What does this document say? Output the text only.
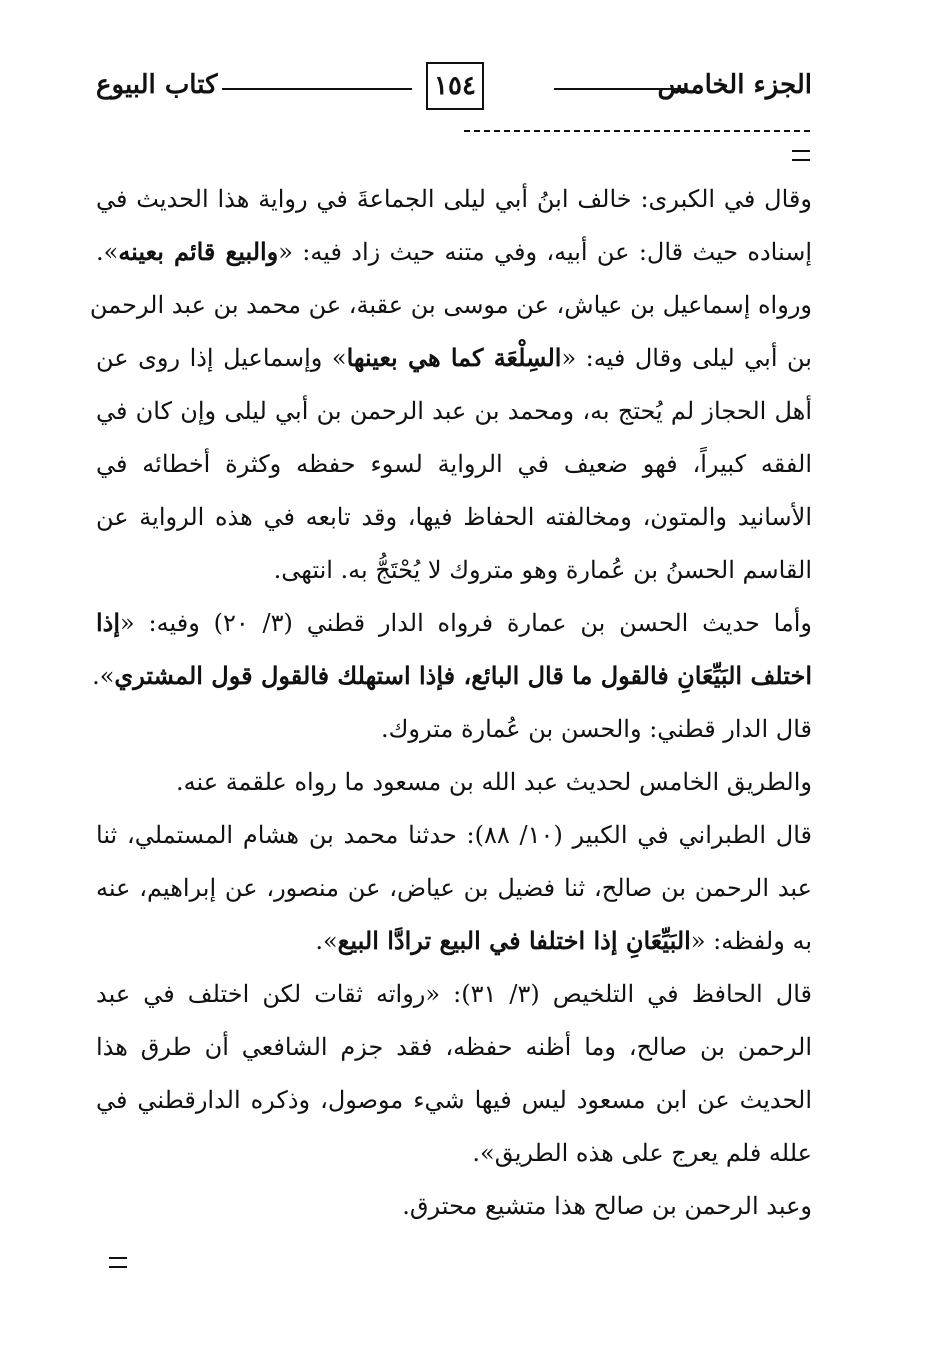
الجزء الخامس
١٥٤
كتاب البيوع
وقال في الكبرى: خالف ابنُ أبي ليلى الجماعةَ في رواية هذا الحديث في
إسناده حيث قال: عن أبيه، وفي متنه حيث زاد فيه: «والبيع قائم بعينه».
ورواه إسماعيل بن عياش، عن موسى بن عقبة، عن محمد بن عبد الرحمن
بن أبي ليلى وقال فيه: «السِلْعَة كما هي بعينها» وإسماعيل إذا روى عن
أهل الحجاز لم يُحتج به، ومحمد بن عبد الرحمن بن أبي ليلى وإن كان في
الفقه كبيراً، فهو ضعيف في الرواية لسوء حفظه وكثرة أخطائه في
الأسانيد والمتون، ومخالفته الحفاظ فيها، وقد تابعه في هذه الرواية عن
القاسم الحسنُ بن عُمارة وهو متروك لا يُحْتَجُّ به. انتهى.
وأما حديث الحسن بن عمارة فرواه الدار قطني (٣/ ٢٠) وفيه: «إذا
اختلف البَيِّعَانِ فالقول ما قال البائع، فإذا استهلك فالقول قول المشتري».
قال الدار قطني: والحسن بن عُمارة متروك.
والطريق الخامس لحديث عبد الله بن مسعود ما رواه علقمة عنه.
قال الطبراني في الكبير (١٠/ ٨٨): حدثنا محمد بن هشام المستملي، ثنا
عبد الرحمن بن صالح، ثنا فضيل بن عياض، عن منصور، عن إبراهيم، عنه
به ولفظه: «البَيِّعَانِ إذا اختلفا في البيع ترادَّا البيع».
قال الحافظ في التلخيص (٣/ ٣١): «رواته ثقات لكن اختلف في عبد
الرحمن بن صالح، وما أظنه حفظه، فقد جزم الشافعي أن طرق هذا
الحديث عن ابن مسعود ليس فيها شيء موصول، وذكره الدارقطني في
علله فلم يعرج على هذه الطريق».
وعبد الرحمن بن صالح هذا متشيع محترق.
